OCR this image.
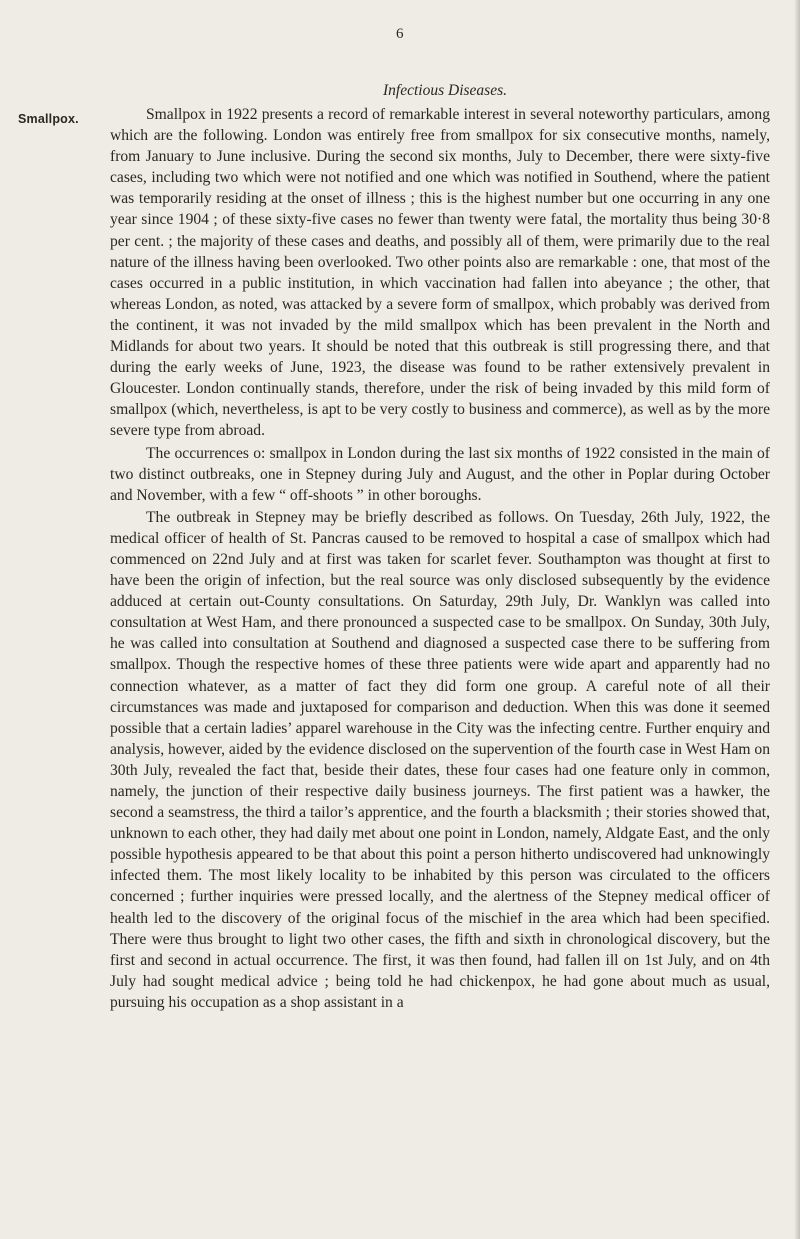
6
Infectious Diseases.
Smallpox.	Smallpox in 1922 presents a record of remarkable interest in several noteworthy particulars, among which are the following. London was entirely free from smallpox for six consecutive months, namely, from January to June inclusive. During the second six months, July to December, there were sixty-five cases, including two which were not notified and one which was notified in Southend, where the patient was temporarily residing at the onset of illness ; this is the highest number but one occurring in any one year since 1904 ; of these sixty-five cases no fewer than twenty were fatal, the mortality thus being 30·8 per cent. ; the majority of these cases and deaths, and possibly all of them, were primarily due to the real nature of the illness having been overlooked. Two other points also are remarkable : one, that most of the cases occurred in a public institution, in which vaccination had fallen into abeyance ; the other, that whereas London, as noted, was attacked by a severe form of smallpox, which probably was derived from the continent, it was not invaded by the mild smallpox which has been prevalent in the North and Midlands for about two years. It should be noted that this outbreak is still progressing there, and that during the early weeks of June, 1923, the disease was found to be rather extensively prevalent in Gloucester. London continually stands, therefore, under the risk of being invaded by this mild form of smallpox (which, nevertheless, is apt to be very costly to business and commerce), as well as by the more severe type from abroad.

The occurrences o: smallpox in London during the last six months of 1922 consisted in the main of two distinct outbreaks, one in Stepney during July and August, and the other in Poplar during October and November, with a few “ off-shoots ” in other boroughs.

The outbreak in Stepney may be briefly described as follows. On Tuesday, 26th July, 1922, the medical officer of health of St. Pancras caused to be removed to hospital a case of smallpox which had commenced on 22nd July and at first was taken for scarlet fever. Southampton was thought at first to have been the origin of infection, but the real source was only disclosed subsequently by the evidence adduced at certain out-County consultations. On Saturday, 29th July, Dr. Wanklyn was called into consultation at West Ham, and there pronounced a suspected case to be smallpox. On Sunday, 30th July, he was called into consultation at Southend and diagnosed a suspected case there to be suffering from smallpox. Though the respective homes of these three patients were wide apart and apparently had no connection whatever, as a matter of fact they did form one group. A careful note of all their circumstances was made and juxtaposed for comparison and deduction. When this was done it seemed possible that a certain ladies’ apparel warehouse in the City was the infecting centre. Further enquiry and analysis, however, aided by the evidence disclosed on the supervention of the fourth case in West Ham on 30th July, revealed the fact that, beside their dates, these four cases had one feature only in common, namely, the junction of their respective daily business journeys. The first patient was a hawker, the second a seamstress, the third a tailor’s apprentice, and the fourth a blacksmith ; their stories showed that, unknown to each other, they had daily met about one point in London, namely, Aldgate East, and the only possible hypothesis appeared to be that about this point a person hitherto undiscovered had unknowingly infected them. The most likely locality to be inhabited by this person was circulated to the officers concerned ; further inquiries were pressed locally, and the alertness of the Stepney medical officer of health led to the discovery of the original focus of the mischief in the area which had been specified. There were thus brought to light two other cases, the fifth and sixth in chronological discovery, but the first and second in actual occurrence. The first, it was then found, had fallen ill on 1st July, and on 4th July had sought medical advice ; being told he had chickenpox, he had gone about much as usual, pursuing his occupation as a shop assistant in a
